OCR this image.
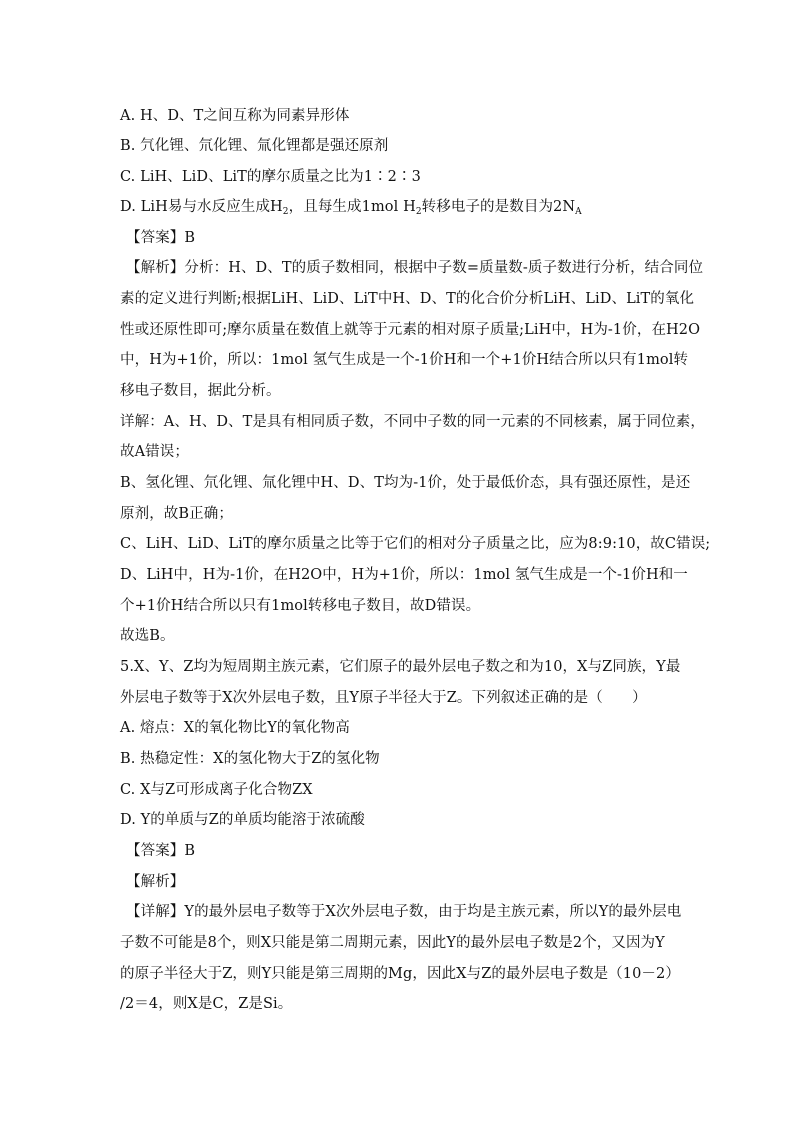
A. H、D、T之间互称为同素异形体
B. 氕化锂、氘化锂、氚化锂都是强还原剂
C. LiH、LiD、LiT的摩尔质量之比为1∶2∶3
D. LiH易与水反应生成$H_2$，且每生成1mol $H_2$转移电子的是数目为$2N_A$
【答案】B
【解析】分析：H、D、T的质子数相同，根据中子数=质量数-质子数进行分析，结合同位
素的定义进行判断;根据LiH、LiD、LiT中H、D、T的化合价分析LiH、LiD、LiT的氧化
性或还原性即可;摩尔质量在数值上就等于元素的相对原子质量;LiH中，H为-1价，在H2O
中，H为+1价，所以：1mol 氢气生成是一个-1价H和一个+1价H结合所以只有1mol转
移电子数目，据此分析。
详解：A、H、D、T是具有相同质子数，不同中子数的同一元素的不同核素，属于同位素，
故A错误；
B、氢化锂、氘化锂、氚化锂中H、D、T均为-1价，处于最低价态，具有强还原性，是还
原剂，故B正确；
C、LiH、LiD、LiT的摩尔质量之比等于它们的相对分子质量之比，应为8:9:10，故C错误;
D、LiH中，H为-1价，在H2O中，H为+1价，所以：1mol 氢气生成是一个-1价H和一
个+1价H结合所以只有1mol转移电子数目，故D错误。
故选B。
5.X、Y、Z均为短周期主族元素，它们原子的最外层电子数之和为10，X与Z同族，Y最
外层电子数等于X次外层电子数，且Y原子半径大于Z。下列叙述正确的是（　　）
A. 熔点：X的氧化物比Y的氧化物高
B. 热稳定性：X的氢化物大于Z的氢化物
C. X与Z可形成离子化合物ZX
D. Y的单质与Z的单质均能溶于浓硫酸
【答案】B
【解析】
【详解】Y的最外层电子数等于X次外层电子数，由于均是主族元素，所以Y的最外层电
子数不可能是8个，则X只能是第二周期元素，因此Y的最外层电子数是2个，又因为Y
的原子半径大于Z，则Y只能是第三周期的Mg，因此X与Z的最外层电子数是（10－2）
/2＝4，则X是C，Z是Si。
